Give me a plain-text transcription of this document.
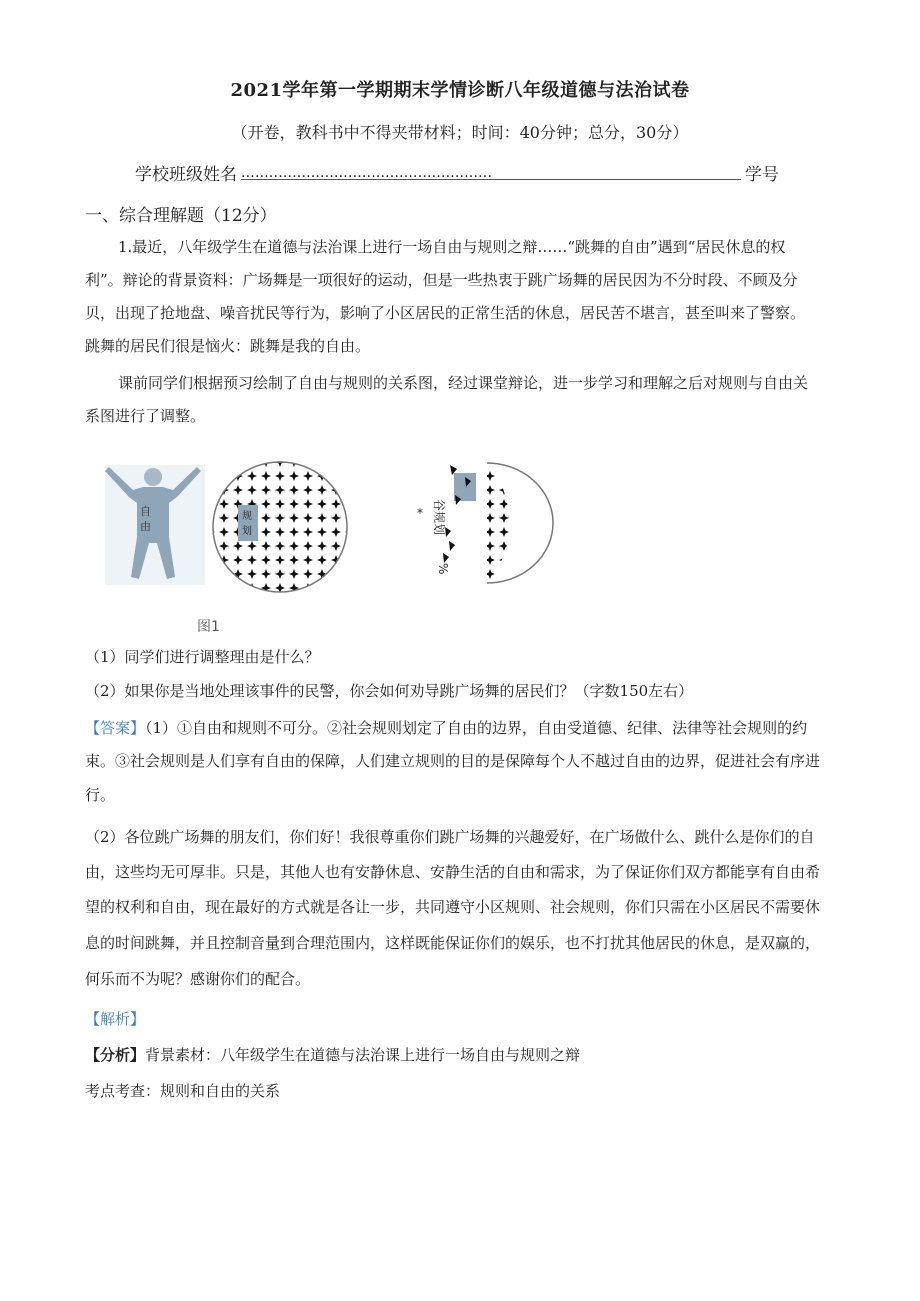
2021学年第一学期期末学情诊断八年级道德与法治试卷
（开卷，教科书中不得夹带材料；时间：40分钟；总分，30分）
学校班级姓名 ......................................................	学号
一、综合理解题（12分）

1.最近，八年级学生在道德与法治课上进行一场自由与规则之辩……“跳舞的自由”遇到“居民休息的权

利”。辩论的背景资料：广场舞是一项很好的运动，但是一些热衷于跳广场舞的居民因为不分时段、不顾及分

贝，出现了抢地盘、噪音扰民等行为，影响了小区居民的正常生活的休息，居民苦不堪言，甚至叫来了警察。

跳舞的居民们很是恼火：跳舞是我的自由。

课前同学们根据预习绘制了自由与规则的关系图，经过课堂辩论，进一步学习和理解之后对规则与自由关

系图进行了调整。

自
由
规
划	谷规划
*
%
图1

（1）同学们进行调整理由是什么？

（2）如果你是当地处理该事件的民警，你会如何劝导跳广场舞的居民们？（字数150左右）

【答案】（1）①自由和规则不可分。②社会规则划定了自由的边界，自由受道德、纪律、法律等社会规则的约

束。③社会规则是人们享有自由的保障，人们建立规则的目的是保障每个人不越过自由的边界，促进社会有序进

行。

（2）各位跳广场舞的朋友们，你们好！我很尊重你们跳广场舞的兴趣爱好，在广场做什么、跳什么是你们的自

由，这些均无可厚非。只是，其他人也有安静休息、安静生活的自由和需求，为了保证你们双方都能享有自由希

望的权利和自由，现在最好的方式就是各让一步，共同遵守小区规则、社会规则，你们只需在小区居民不需要休

息的时间跳舞，并且控制音量到合理范围内，这样既能保证你们的娱乐，也不打扰其他居民的休息，是双赢的，

何乐而不为呢？感谢你们的配合。

【解析】

【分析】背景素材：八年级学生在道德与法治课上进行一场自由与规则之辩

考点考查：规则和自由的关系
